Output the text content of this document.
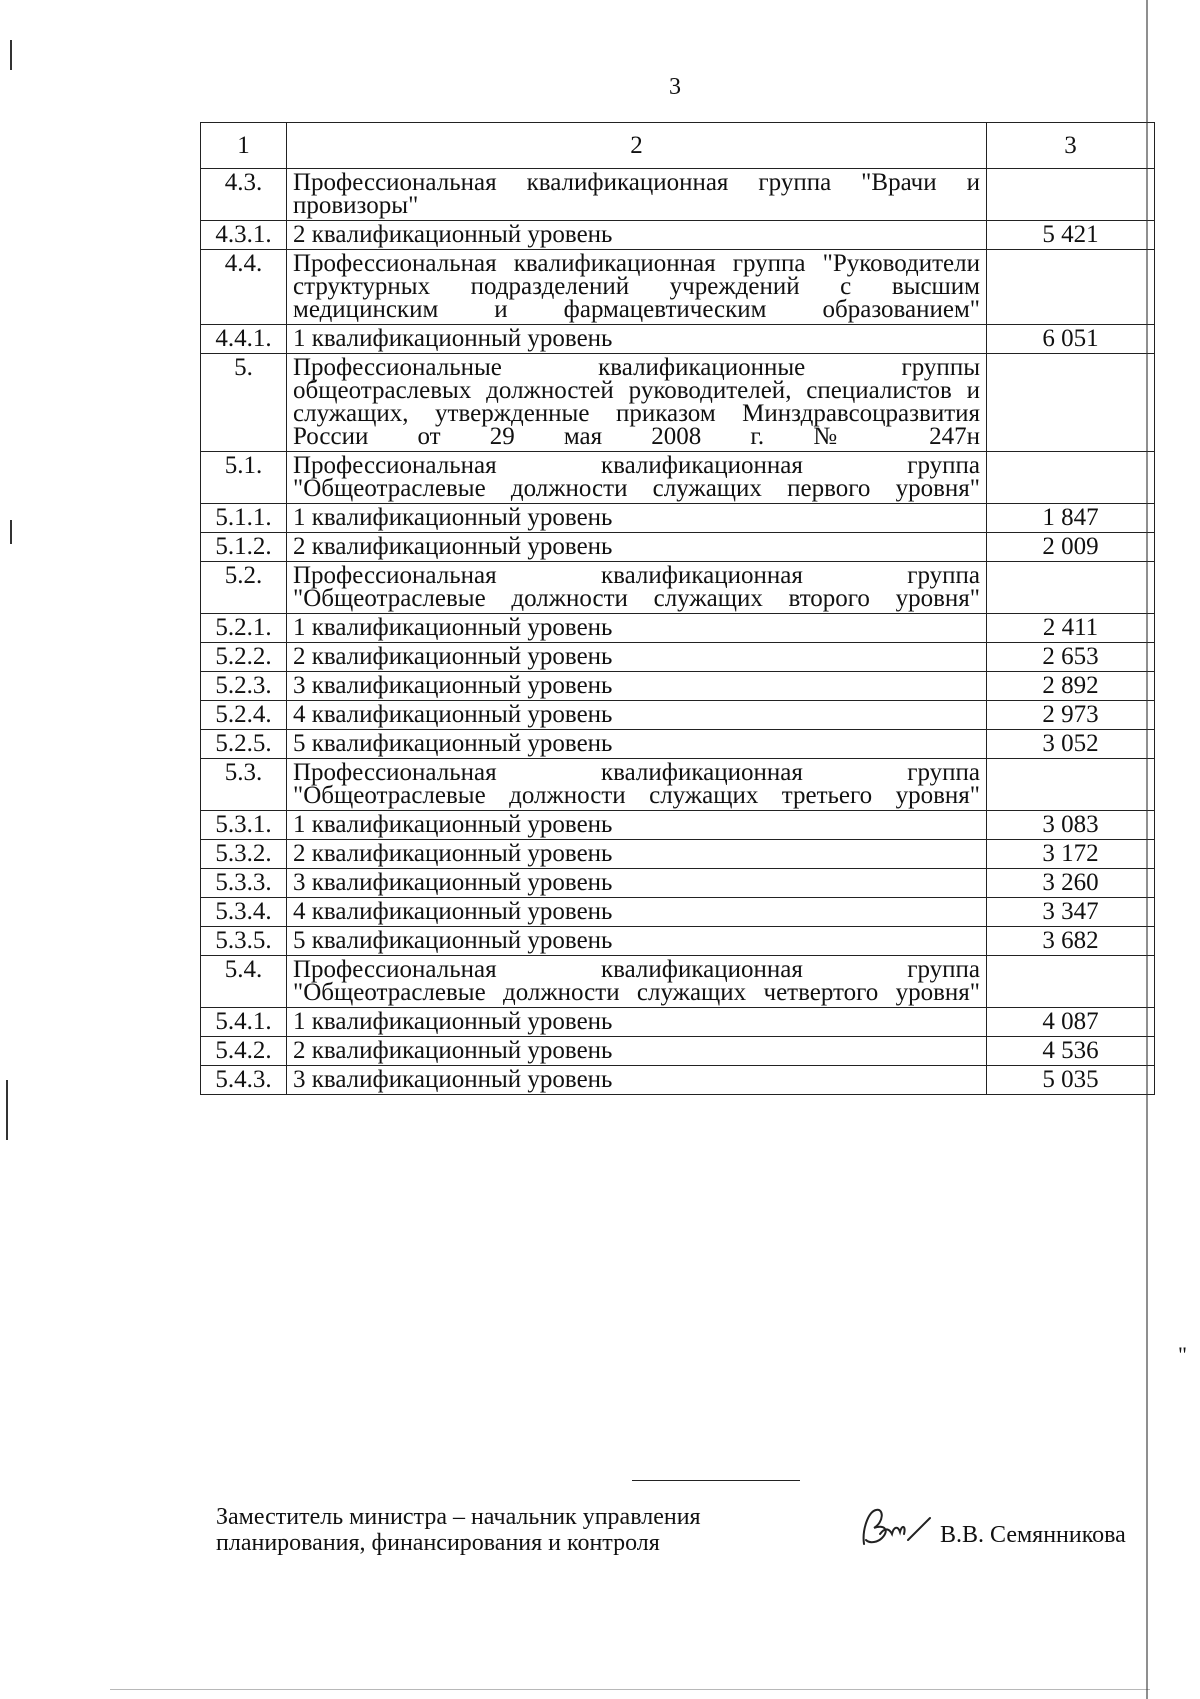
3
1	2	3
4.3.	Профессиональная квалификационная группа "Врачи и провизоры"	
4.3.1.	2 квалификационный уровень	5 421
4.4.	Профессиональная квалификационная группа "Руководители структурных подразделений учреждений с высшим медицинским и фармацевтическим образованием"	
4.4.1.	1 квалификационный уровень	6 051
5.	Профессиональные квалификационные группы общеотраслевых должностей руководителей, специалистов и служащих, утвержденные приказом Минздравсоцразвития России от 29 мая 2008 г. № 247н	
5.1.	Профессиональная квалификационная группа "Общеотраслевые должности служащих первого уровня"	
5.1.1.	1 квалификационный уровень	1 847
5.1.2.	2 квалификационный уровень	2 009
5.2.	Профессиональная квалификационная группа "Общеотраслевые должности служащих второго уровня"	
5.2.1.	1 квалификационный уровень	2 411
5.2.2.	2 квалификационный уровень	2 653
5.2.3.	3 квалификационный уровень	2 892
5.2.4.	4 квалификационный уровень	2 973
5.2.5.	5 квалификационный уровень	3 052
5.3.	Профессиональная квалификационная группа "Общеотраслевые должности служащих третьего уровня"	
5.3.1.	1 квалификационный уровень	3 083
5.3.2.	2 квалификационный уровень	3 172
5.3.3.	3 квалификационный уровень	3 260
5.3.4.	4 квалификационный уровень	3 347
5.3.5.	5 квалификационный уровень	3 682
5.4.	Профессиональная квалификационная группа "Общеотраслевые должности служащих четвертого уровня"	
5.4.1.	1 квалификационный уровень	4 087
5.4.2.	2 квалификационный уровень	4 536
5.4.3.	3 квалификационный уровень	5 035
"
Заместитель министра – начальник управления
планирования, финансирования и контроля	В.В. Семянникова
